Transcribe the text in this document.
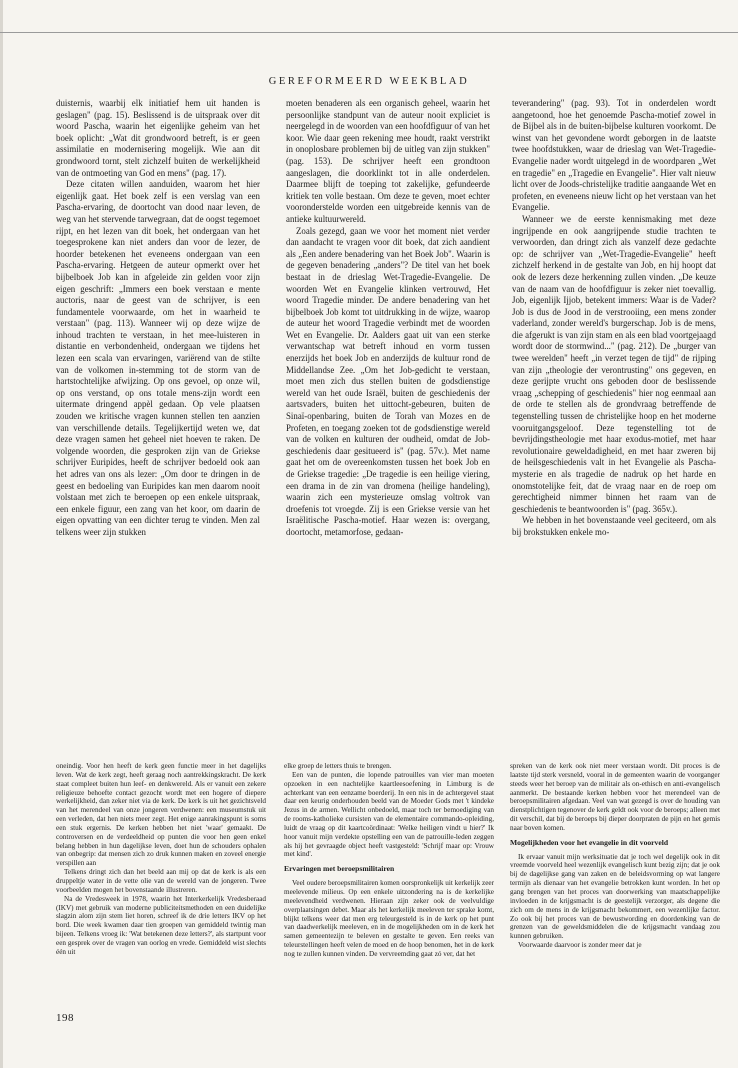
GEREFORMEERD WEEKBLAD

duisternis, waarbij elk initiatief hem uit handen is geslagen" (pag. 15). Beslissend is de uitspraak over dit woord Pascha, waarin het eigenlijke geheim van het boek oplicht: „Wat dit grondwoord betreft, is er geen assimilatie en modernisering mogelijk. Wie aan dit grondwoord tornt, stelt zichzelf buiten de werkelijkheid van de ontmoeting van God en mens" (pag. 17).

Deze citaten willen aanduiden, waarom het hier eigenlijk gaat. Het boek zelf is een verslag van een Pascha-ervaring, de doortocht van dood naar leven, de weg van het stervende tarwegraan, dat de oogst tegemoet rijpt, en het lezen van dit boek, het ondergaan van het toegesprokene kan niet anders dan voor de lezer, de hoorder betekenen het eveneens ondergaan van een Pascha-ervaring. Hetgeen de auteur opmerkt over het bijbelboek Job kan in afgeleide zin gelden voor zijn eigen geschrift: „Immers een boek verstaan e mente auctoris, naar de geest van de schrijver, is een fundamentele voorwaarde, om het in waarheid te verstaan" (pag. 113). Wanneer wij op deze wijze de inhoud trachten te verstaan, in het mee-luisteren in distantie en verbondenheid, ondergaan we tijdens het lezen een scala van ervaringen, variërend van de stilte van de volkomen in-stemming tot de storm van de hartstochtelijke afwijzing. Op ons gevoel, op onze wil, op ons verstand, op ons totale mens-zijn wordt een uitermate dringend appèl gedaan. Op vele plaatsen zouden we kritische vragen kunnen stellen ten aanzien van verschillende details. Tegelijkertijd weten we, dat deze vragen samen het geheel niet hoeven te raken. De volgende woorden, die gesproken zijn van de Griekse schrijver Euripides, heeft de schrijver bedoeld ook aan het adres van ons als lezer: „Om door te dringen in de geest en bedoeling van Euripides kan men daarom nooit volstaan met zich te beroepen op een enkele uitspraak, een enkele figuur, een zang van het koor, om daarin de eigen opvatting van een dichter terug te vinden. Men zal telkens weer zijn stukken

moeten benaderen als een organisch geheel, waarin het persoonlijke standpunt van de auteur nooit expliciet is neergelegd in de woorden van een hoofdfiguur of van het koor. Wie daar geen rekening mee houdt, raakt verstrikt in onoplosbare problemen bij de uitleg van zijn stukken" (pag. 153). De schrijver heeft een grondtoon aangeslagen, die doorklinkt tot in alle onderdelen. Daarmee blijft de toeping tot zakelijke, gefundeerde kritiek ten volle bestaan. Om deze te geven, moet echter vooronderstelde worden een uitgebreide kennis van de antieke kultuurwereld.

Zoals gezegd, gaan we voor het moment niet verder dan aandacht te vragen voor dit boek, dat zich aandient als „Een andere benadering van het Boek Job". Waarin is de gegeven benadering „anders"? De titel van het boek bestaat in de drieslag Wet-Tragedie-Evangelie. De woorden Wet en Evangelie klinken vertrouwd, Het woord Tragedie minder. De andere benadering van het bijbelboek Job komt tot uitdrukking in de wijze, waarop de auteur het woord Tragedie verbindt met de woorden Wet en Evangelie. Dr. Aalders gaat uit van een sterke verwantschap wat betreft inhoud en vorm tussen enerzijds het boek Job en anderzijds de kultuur rond de Middellandse Zee. „Om het Job-gedicht te verstaan, moet men zich dus stellen buiten de godsdienstige wereld van het oude Israël, buiten de geschiedenis der aartsvaders, buiten het uittocht-gebeuren, buiten de Sinaï-openbaring, buiten de Torah van Mozes en de Profeten, en toegang zoeken tot de godsdienstige wereld van de volken en kulturen der oudheid, omdat de Job-geschiedenis daar gesitueerd is" (pag. 57v.). Met name gaat het om de overeenkomsten tussen het boek Job en de Griekse tragedie: „De tragedie is een heilige viering, een drama in de zin van dromena (heilige handeling), waarin zich een mysterieuze omslag voltrok van droefenis tot vroegde. Zij is een Griekse versie van het Israëlitische Pascha-motief. Haar wezen is: overgang, doortocht, metamorfose, gedaan-

teverandering" (pag. 93). Tot in onderdelen wordt aangetoond, hoe het genoemde Pascha-motief zowel in de Bijbel als in de buiten-bijbelse kulturen voorkomt. De winst van het gevondene wordt geborgen in de laatste twee hoofdstukken, waar de drieslag van Wet-Tragedie-Evangelie nader wordt uitgelegd in de woordparen „Wet en tragedie" en „Tragedie en Evangelie". Hier valt nieuw licht over de Joods-christelijke traditie aangaande Wet en profeten, en eveneens nieuw licht op het verstaan van het Evangelie.

Wanneer we de eerste kennismaking met deze ingrijpende en ook aangrijpende studie trachten te verwoorden, dan dringt zich als vanzelf deze gedachte op: de schrijver van „Wet-Tragedie-Evangelie" heeft zichzelf herkend in de gestalte van Job, en hij hoopt dat ook de lezers deze herkenning zullen vinden. „De keuze van de naam van de hoofdfiguur is zeker niet toevallig. Job, eigenlijk Ijjob, betekent immers: Waar is de Vader? Job is dus de Jood in de verstrooiing, een mens zonder vaderland, zonder wereld's burgerschap. Job is de mens, die afgerukt is van zijn stam en als een blad voortgejaagd wordt door de stormwind..." (pag. 212). De „burger van twee werelden" heeft „in verzet tegen de tijd" de rijping van zijn „theologie der verontrusting" ons gegeven, en deze gerijpte vrucht ons geboden door de beslissende vraag „schepping of geschiedenis" hier nog eenmaal aan de orde te stellen als de grondvraag betreffende de tegenstelling tussen de christelijke hoop en het moderne vooruitgangsgeloof. Deze tegenstelling tot de bevrijdingstheologie met haar exodus-motief, met haar revolutionaire geweldadigheid, en met haar zweren bij de heilsgeschiedenis valt in het Evangelie als Pascha-mysterie en als tragedie de nadruk op het harde en onomstotelijke feit, dat de vraag naar en de roep om gerechtigheid nimmer binnen het raam van de geschiedenis te beantwoorden is" (pag. 365v.).

We hebben in het bovenstaande veel geciteerd, om als bij brokstukken enkele mo-

oneindig. Voor hen heeft de kerk geen functie meer in het dagelijks leven. Wat de kerk zegt, heeft geraag noch aantrekkingskracht. De kerk staat compleet buiten hun leef- en denkwereld. Als er vanuit een zekere religieuze behoefte contact gezocht wordt met een hogere of diepere werkelijkheid, dan zeker niet via de kerk. De kerk is uit het gezichtsveld van het merendeel van onze jongeren verdwenen: een museumstuk uit een verleden, dat hen niets meer zegt. Het enige aanrakingspunt is soms een stuk ergernis. De kerken hebben het niet 'waar' gemaakt. De controversen en de verdeeldheid op punten die voor hen geen enkel belang hebben in hun dagelijkse leven, doet hun de schouders ophalen van onbegrip: dat mensen zich zo druk kunnen maken en zoveel energie verspillen aan

Telkens dringt zich dan het beeld aan mij op dat de kerk is als een druppeltje water in de vette olie van de wereld van de jongeren. Twee voorbeelden mogen het bovenstaande illustreren.

Na de Vredesweek in 1978, waarin het Interkerkelijk Vredesberaad (IKV) met gebruik van moderne publiciteitsmethoden en een duidelijke slagzin alom zijn stem liet horen, schreef ik de drie letters IKV op het bord. Die week kwamen daar tien groepen van gemiddeld twintig man bijeen. Telkens vroeg ik: 'Wat betekenen deze letters?', als startpunt voor een gesprek over de vragen van oorlog en vrede. Gemiddeld wist slechts één uit

elke groep de letters thuis te brengen.

Een van de punten, die lopende patrouilles van vier man moeten opzoeken in een nachtelijke kaartleesoefening in Limburg is de achterkant van een eenzame boerderij. In een nis in de achtergevel staat daar een keurig onderhouden beeld van de Moeder Gods met 't kindeke Jezus in de armen. Wellicht onbedoeld, maar toch ter bemoediging van de rooms-katholieke cursisten van de elementaire commando-opleiding, luidt de vraag op dit kaartcoördinaat: 'Welke heiligen vindt u hier?' Ik hoor vanuit mijn verdekte opstelling een van de patrouille-leden zeggen als hij het gevraagde object heeft vastgesteld: 'Schrijf maar op: Vrouw met kind'.

Ervaringen met beroepsmilitairen

Veel oudere beroepsmilitairen komen oorspronkelijk uit kerkelijk zeer meelevende milieus. Op een enkele uitzondering na is de kerkelijke meelevendheid verdwenen. Hieraan zijn zeker ook de veelvuldige overplaatsingen debet. Maar als het kerkelijk meeleven ter sprake komt, blijkt telkens weer dat men erg teleurgesteld is in de kerk op het punt van daadwerkelijk meeleven, en in de mogelijkheden om in de kerk het samen gemeentezijn te beleven en gestalte te geven. Een reeks van teleurstellingen heeft velen de moed en de hoop benomen, het in de kerk nog te zullen kunnen vinden. De vervreemding gaat zó ver, dat het

spreken van de kerk ook niet meer verstaan wordt. Dit proces is de laatste tijd sterk versneld, vooral in de gemeenten waarin de voorganger steeds weer het beroep van de militair als on-ethisch en anti-evangelisch aanmerkt. De bestaande kerken hebben voor het merendeel van de beroepsmilitairen afgedaan. Veel van wat gezegd is over de houding van dienstplichtigen tegenover de kerk geldt ook voor de beroeps; alleen met dit verschil, dat bij de beroeps bij dieper doorpraten de pijn en het gemis naar boven komen.

Mogelijkheden voor het evangelie in dit voorveld

Ik ervaar vanuit mijn werksituatie dat je toch wel degelijk ook in dit vreemde voorveld heel wezenlijk evangelisch kunt bezig zijn; dat je ook bij de dagelijkse gang van zaken en de beleidsvorming op wat langere termijn als dienaar van het evangelie betrokken kunt worden. In het op gang brengen van het proces van doorwerking van maatschappelijke invloeden in de krijgsmacht is de geestelijk verzorger, als degene die zich om de mens in de krijgsmacht bekommert, een wezenlijke factor. Zo ook bij het proces van de bewustwording en doordenking van de grenzen van de geweldsmiddelen die de krijgsmacht vandaag zou kunnen gebruiken.

Voorwaarde daarvoor is zonder meer dat je

198
